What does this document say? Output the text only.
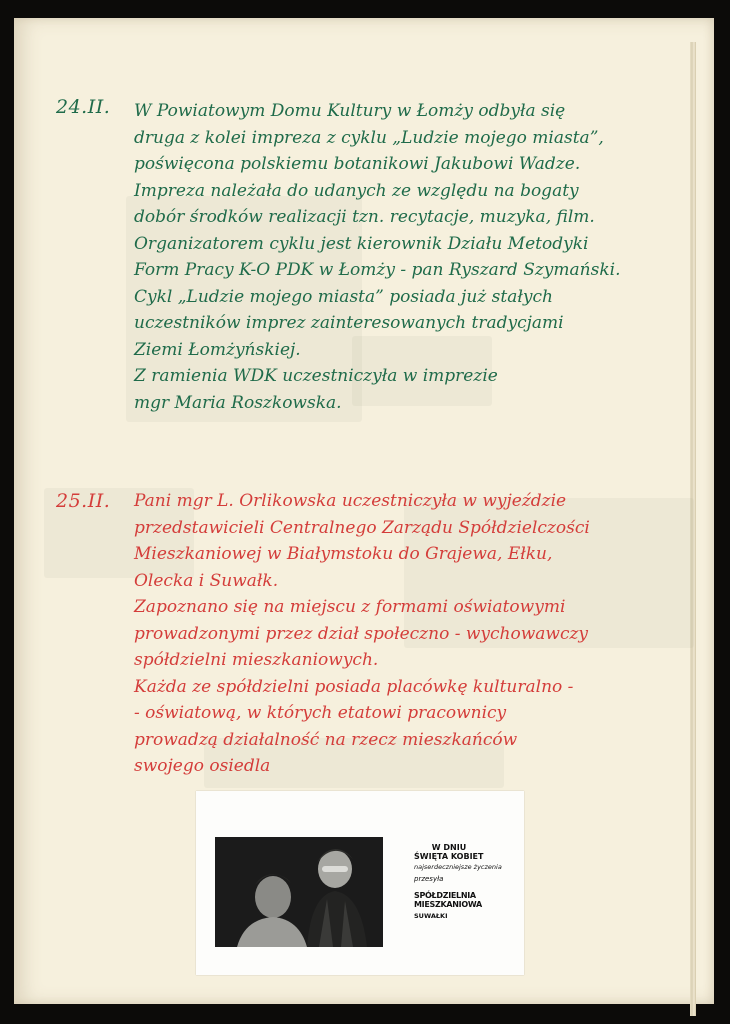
24.II. W Powiatowym Domu Kultury w Łomży odbyła się
druga z kolei impreza z cyklu „Ludzie mojego miasta”,
poświęcona polskiemu botanikowi Jakubowi Wadze.
Impreza należała do udanych ze względu na bogaty
dobór środków realizacji tzn. recytacje, muzyka, film.
Organizatorem cyklu jest kierownik Działu Metodyki
Form Pracy K-O PDK w Łomży - pan Ryszard Szymański.
Cykl „Ludzie mojego miasta” posiada już stałych
uczestników imprez zainteresowanych tradycjami
Ziemi Łomżyńskiej.
Z ramienia WDK uczestniczyła w imprezie
mgr Maria Roszkowska.
25.II. Pani mgr L. Orlikowska uczestniczyła w wyjeździe
przedstawicieli Centralnego Zarządu Spółdzielczości
Mieszkaniowej w Białymstoku do Grajewa, Ełku,
Olecka i Suwałk.
Zapoznano się na miejscu z formami oświatowymi
prowadzonymi przez dział społeczno - wychowawczy
spółdzielni mieszkaniowych.
Każda ze spółdzielni posiada placówkę kulturalno -
- oświatową, w których etatowi pracownicy
prowadzą działalność na rzecz mieszkańców
swojego osiedla
W DNIU
ŚWIĘTA KOBIET
najserdeczniejsze życzenia
przesyła
SPÓŁDZIELNIA MIESZKANIOWA
SUWAŁKI
